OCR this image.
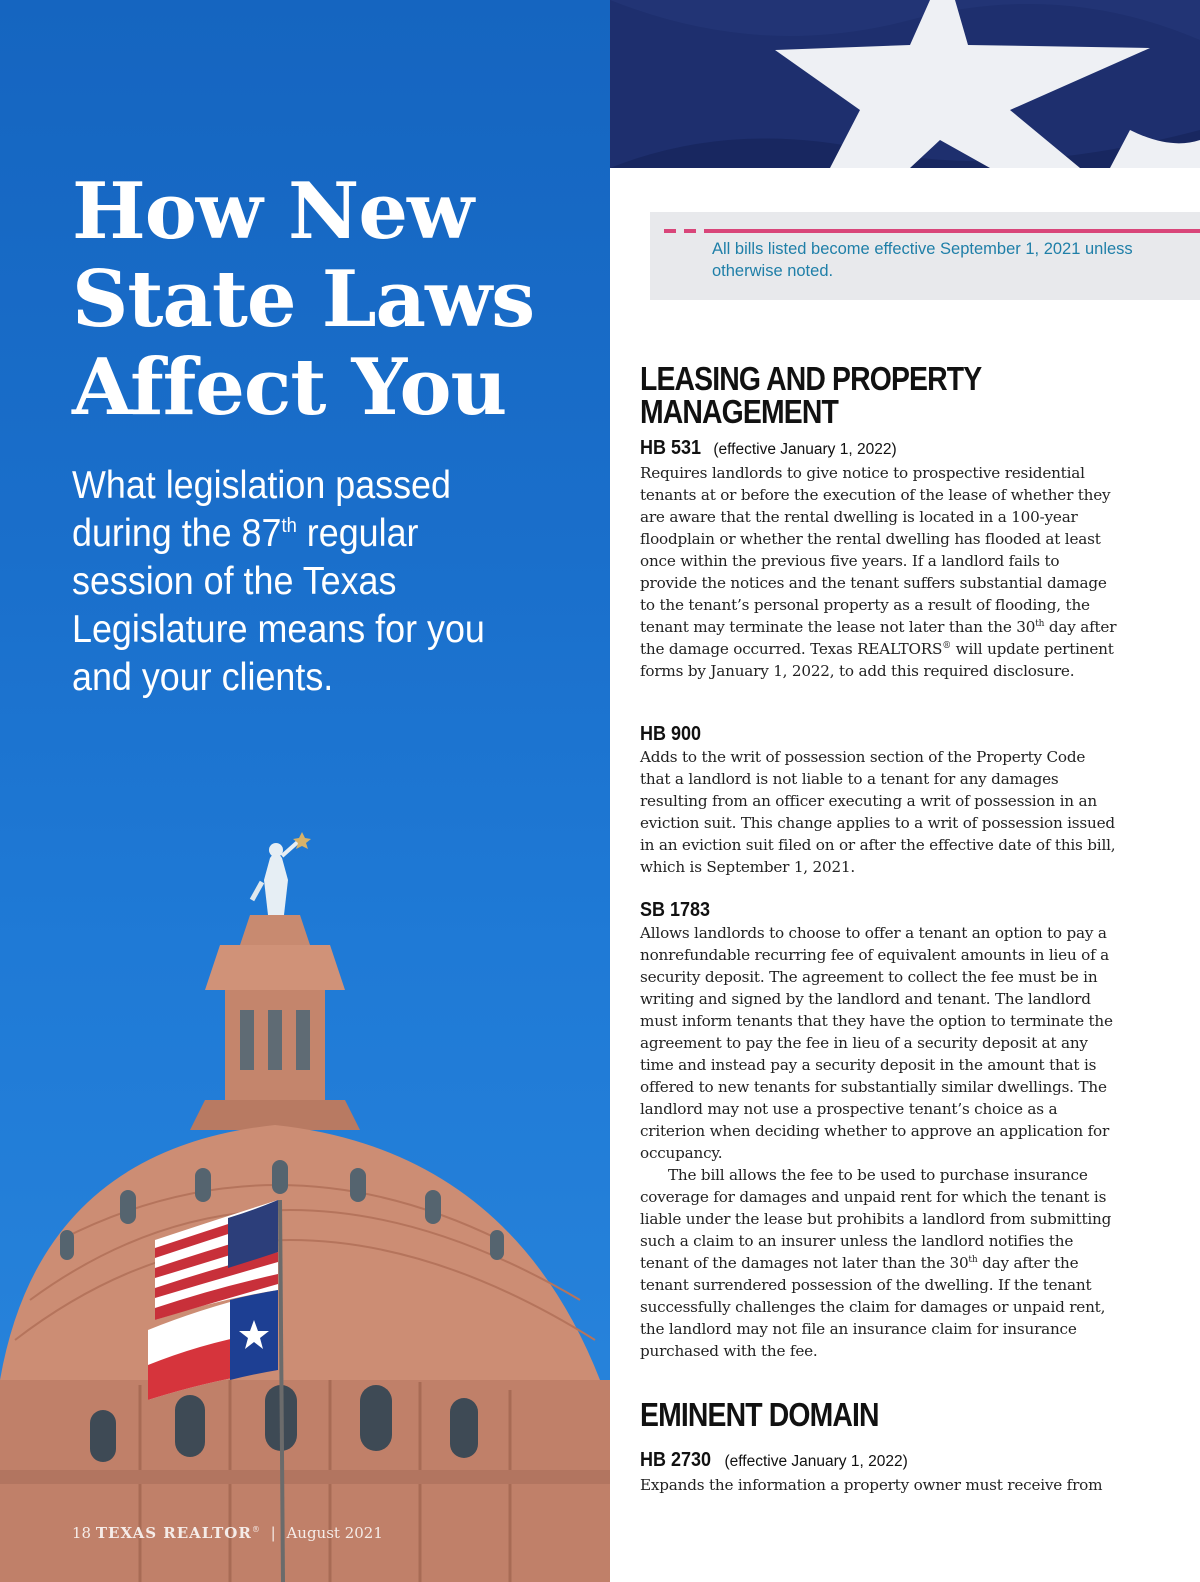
How New
State Laws
Affect You

What legislation passed during the 87th regular session of the Texas Legislature means for you and your clients.

18 TEXAS REALTOR® | August 2021

All bills listed become effective September 1, 2021 unless otherwise noted.

LEASING AND PROPERTY
MANAGEMENT

HB 531 (effective January 1, 2022)

Requires landlords to give notice to prospective residential tenants at or before the execution of the lease of whether they are aware that the rental dwelling is located in a 100-year floodplain or whether the rental dwelling has flooded at least once within the previous five years. If a landlord fails to provide the notices and the tenant suffers substantial damage to the tenant’s personal property as a result of flooding, the tenant may terminate the lease not later than the 30th day after the damage occurred. Texas REALTORS® will update pertinent forms by January 1, 2022, to add this required disclosure.

HB 900

Adds to the writ of possession section of the Property Code that a landlord is not liable to a tenant for any damages resulting from an officer executing a writ of possession in an eviction suit. This change applies to a writ of possession issued in an eviction suit filed on or after the effective date of this bill, which is September 1, 2021.

SB 1783

Allows landlords to choose to offer a tenant an option to pay a nonrefundable recurring fee of equivalent amounts in lieu of a security deposit. The agreement to collect the fee must be in writing and signed by the landlord and tenant. The landlord must inform tenants that they have the option to terminate the agreement to pay the fee in lieu of a security deposit at any time and instead pay a security deposit in the amount that is offered to new tenants for substantially similar dwellings. The landlord may not use a prospective tenant’s choice as a criterion when deciding whether to approve an application for occupancy.

The bill allows the fee to be used to purchase insurance coverage for damages and unpaid rent for which the tenant is liable under the lease but prohibits a landlord from submitting such a claim to an insurer unless the landlord notifies the tenant of the damages not later than the 30th day after the tenant surrendered possession of the dwelling. If the tenant successfully challenges the claim for damages or unpaid rent, the landlord may not file an insurance claim for insurance purchased with the fee.

EMINENT DOMAIN

HB 2730 (effective January 1, 2022)

Expands the information a property owner must receive from
